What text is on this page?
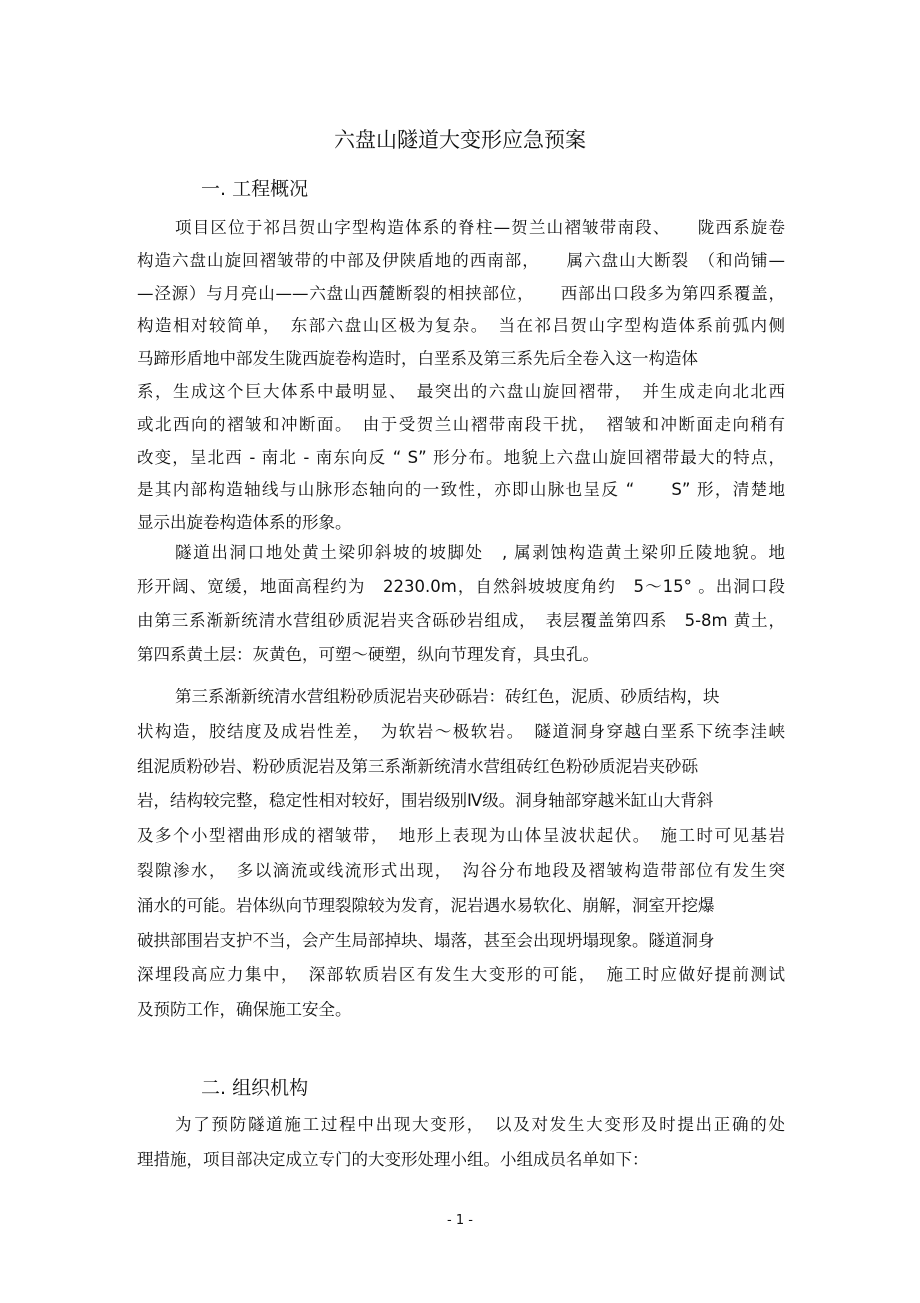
六盘山隧道大变形应急预案
一. 工程概况
二. 组织机构
项目区位于祁吕贺山字型构造体系的脊柱—贺兰山褶皱带南段、　　陇西系旋卷
构造六盘山旋回褶皱带的中部及伊陕盾地的西南部，　　属六盘山大断裂　（和尚铺—
—泾源）与月亮山——六盘山西麓断裂的相挟部位，　　西部出口段多为第四系覆盖，
构造相对较简单，　东部六盘山区极为复杂。　当在祁吕贺山字型构造体系前弧内侧
马蹄形盾地中部发生陇西旋卷构造时，白垩系及第三系先后全卷入这一构造体
系，生成这个巨大体系中最明显、　最突出的六盘山旋回褶带，　并生成走向北北西
或北西向的褶皱和冲断面。　由于受贺兰山褶带南段干扰，　褶皱和冲断面走向稍有
改变，呈北西 - 南北 - 南东向反 “ S” 形分布。地貌上六盘山旋回褶带最大的特点，
是其内部构造轴线与山脉形态轴向的一致性，亦即山脉也呈反 “　　S” 形，清楚地
显示出旋卷构造体系的形象。
隧道出洞口地处黄土梁卯斜坡的坡脚处　, 属剥蚀构造黄土梁卯丘陵地貌。地
形开阔、宽缓，地面高程约为　2230.0m，自然斜坡坡度角约　5～15° 。出洞口段
由第三系渐新统清水营组砂质泥岩夹含砾砂岩组成，　表层覆盖第四系　5-8m 黄土，
第四系黄土层：灰黄色，可塑～硬塑，纵向节理发育，具虫孔。
第三系渐新统清水营组粉砂质泥岩夹砂砾岩：砖红色，泥质、砂质结构，块
状构造，胶结度及成岩性差，　为软岩～极软岩。　隧道洞身穿越白垩系下统李洼峡
组泥质粉砂岩、粉砂质泥岩及第三系渐新统清水营组砖红色粉砂质泥岩夹砂砾
岩，结构较完整，稳定性相对较好，围岩级别Ⅳ级。洞身轴部穿越米缸山大背斜
及多个小型褶曲形成的褶皱带，　地形上表现为山体呈波状起伏。　施工时可见基岩
裂隙渗水，　多以滴流或线流形式出现，　沟谷分布地段及褶皱构造带部位有发生突
涌水的可能。岩体纵向节理裂隙较为发育，泥岩遇水易软化、崩解，洞室开挖爆
破拱部围岩支护不当，会产生局部掉块、塌落，甚至会出现坍塌现象。隧道洞身
深埋段高应力集中，　深部软质岩区有发生大变形的可能，　施工时应做好提前测试
及预防工作，确保施工安全。
为了预防隧道施工过程中出现大变形，　以及对发生大变形及时提出正确的处
理措施，项目部决定成立专门的大变形处理小组。小组成员名单如下：
- 1 -
